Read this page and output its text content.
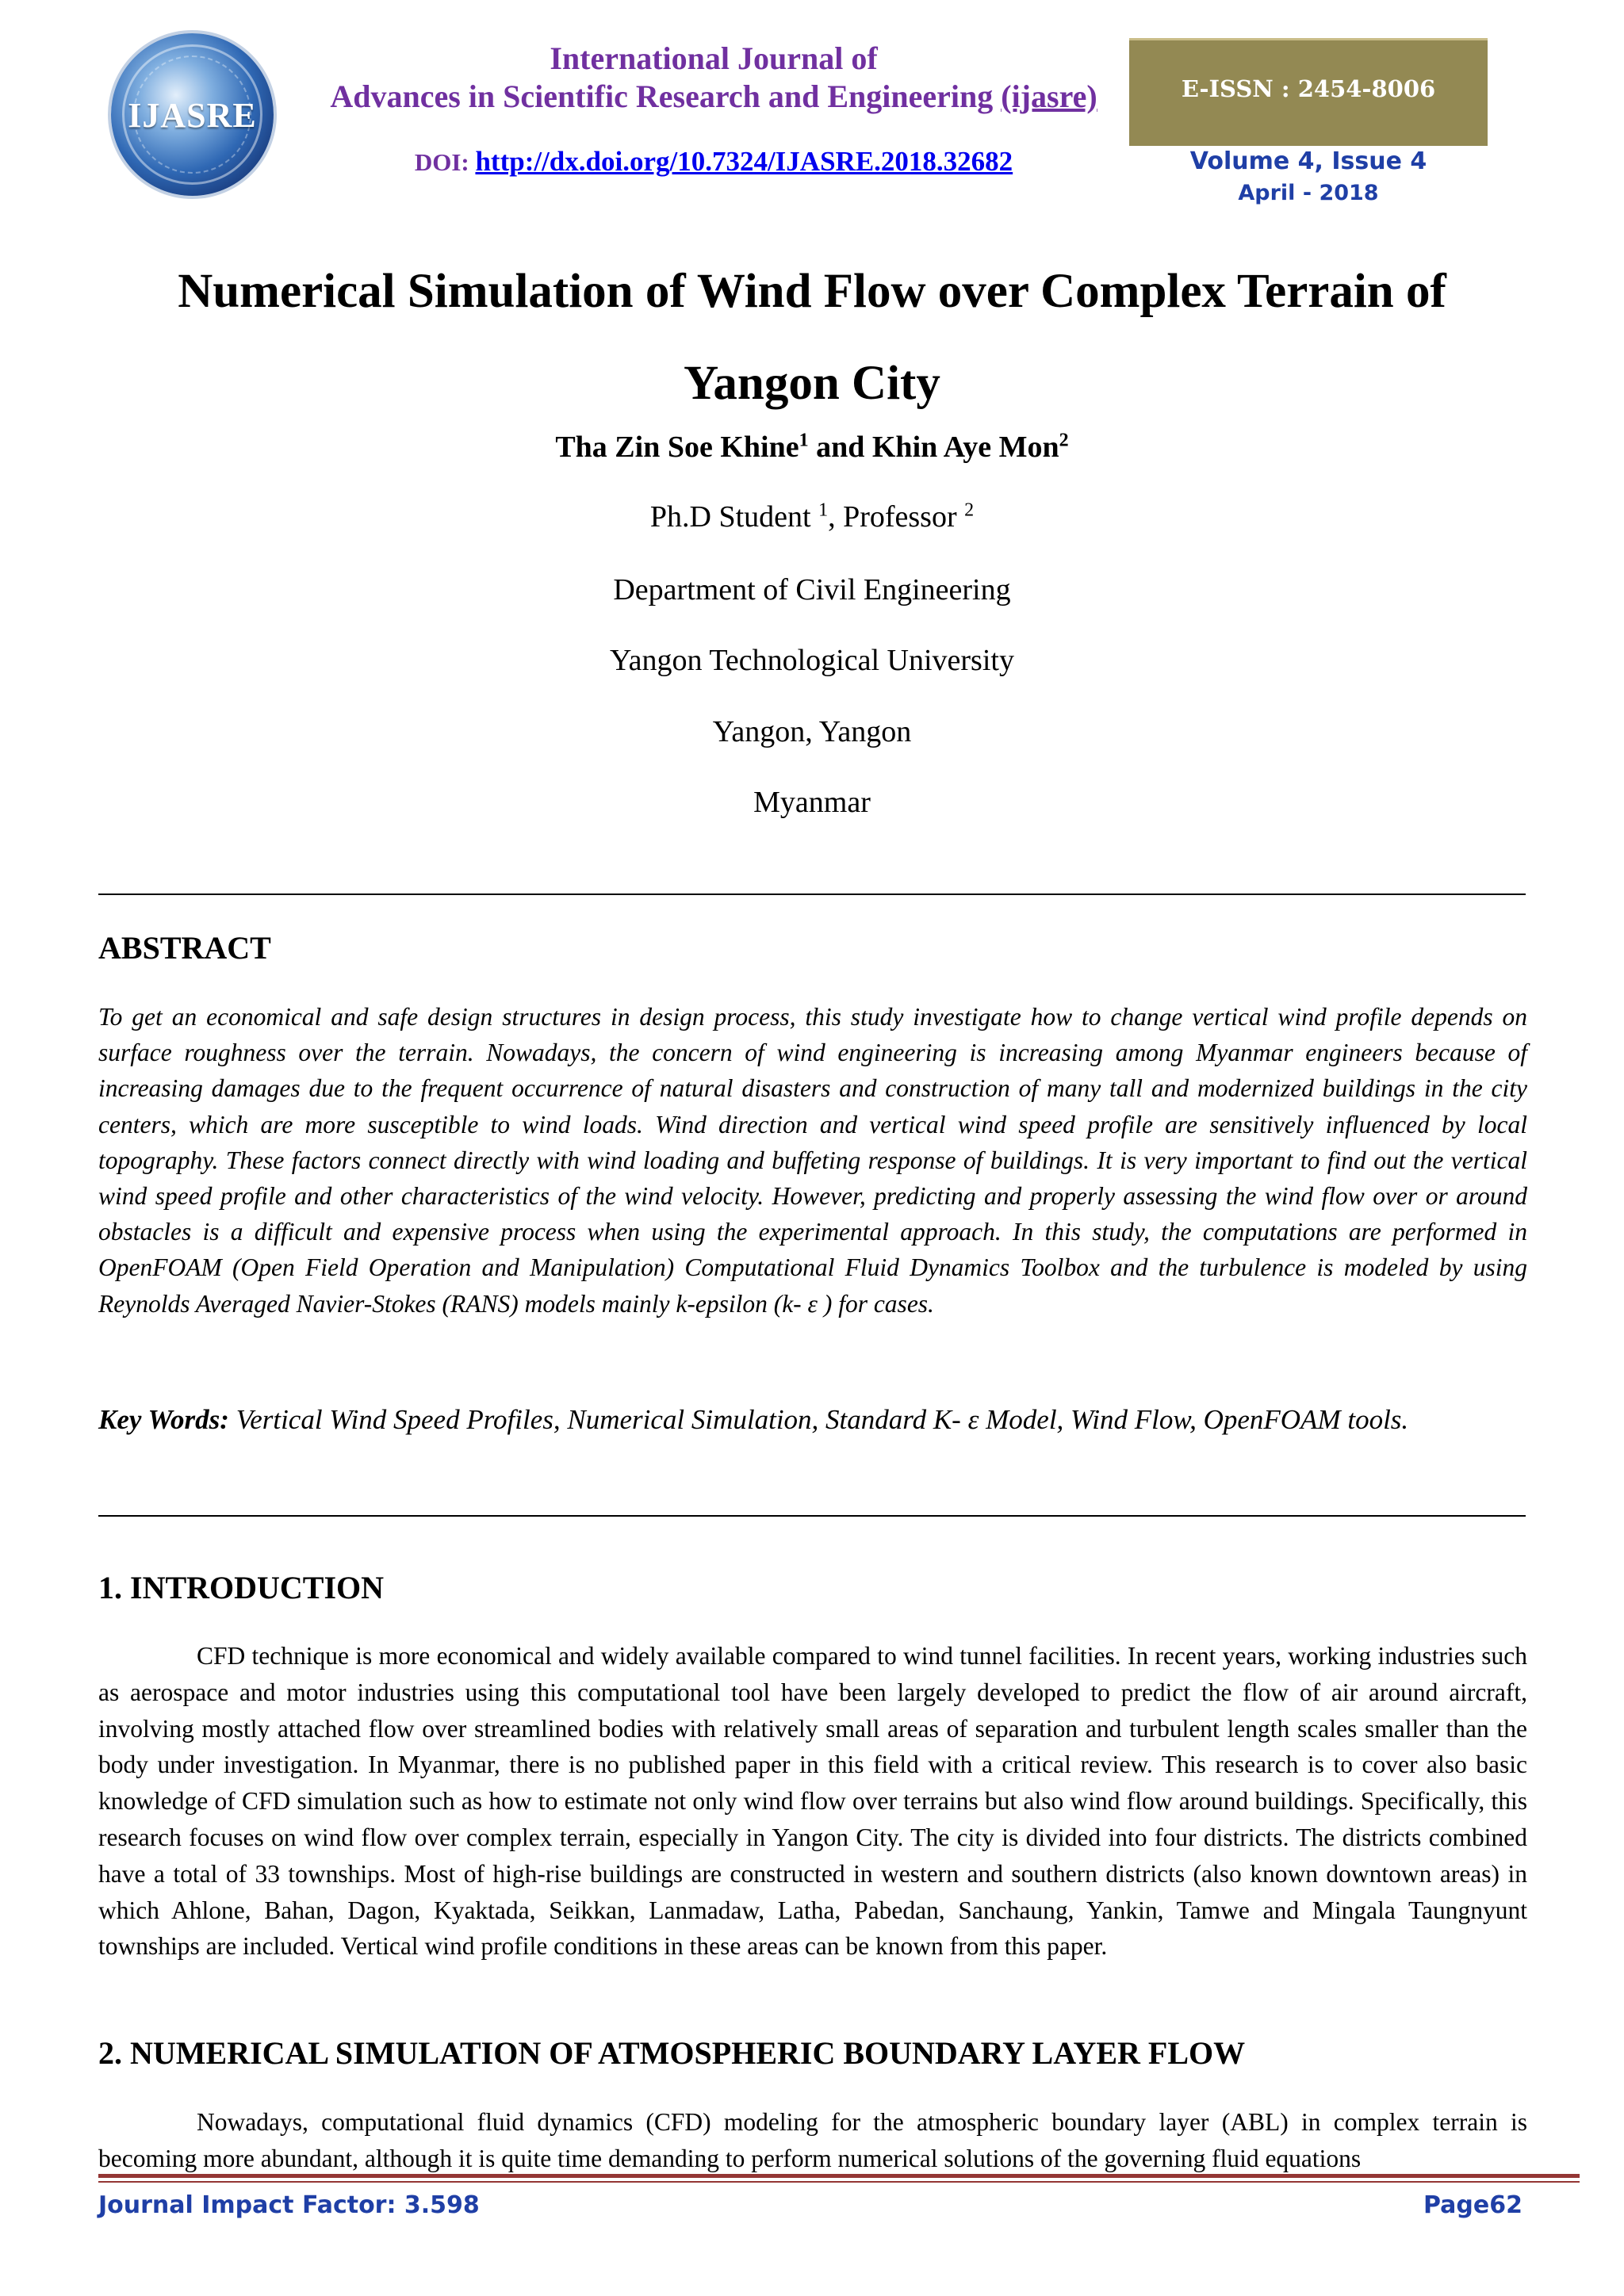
IJASRE
International Journal of
Advances in Scientific Research and Engineering (ijasre)
DOI: http://dx.doi.org/10.7324/IJASRE.2018.32682
E-ISSN : 2454-8006
Volume 4, Issue 4
April - 2018
Numerical Simulation of Wind Flow over Complex Terrain of Yangon City
Tha Zin Soe Khine$^1$ and Khin Aye Mon$^2$
Ph.D Student $^1$, Professor $^2$
Department of Civil Engineering
Yangon Technological University
Yangon, Yangon
Myanmar
ABSTRACT
To get an economical and safe design structures in design process, this study investigate how to change vertical wind profile depends on surface roughness over the terrain. Nowadays, the concern of wind engineering is increasing among Myanmar engineers because of increasing damages due to the frequent occurrence of natural disasters and construction of many tall and modernized buildings in the city centers, which are more susceptible to wind loads. Wind direction and vertical wind speed profile are sensitively influenced by local topography. These factors connect directly with wind loading and buffeting response of buildings. It is very important to find out the vertical wind speed profile and other characteristics of the wind velocity. However, predicting and properly assessing the wind flow over or around obstacles is a difficult and expensive process when using the experimental approach. In this study, the computations are performed in OpenFOAM (Open Field Operation and Manipulation) Computational Fluid Dynamics Toolbox and the turbulence is modeled by using Reynolds Averaged Navier-Stokes (RANS) models mainly k-epsilon (k- ε ) for cases.
Key Words: Vertical Wind Speed Profiles, Numerical Simulation, Standard K- ε Model, Wind Flow, OpenFOAM tools.
1. INTRODUCTION
CFD technique is more economical and widely available compared to wind tunnel facilities. In recent years, working industries such as aerospace and motor industries using this computational tool have been largely developed to predict the flow of air around aircraft, involving mostly attached flow over streamlined bodies with relatively small areas of separation and turbulent length scales smaller than the body under investigation. In Myanmar, there is no published paper in this field with a critical review. This research is to cover also basic knowledge of CFD simulation such as how to estimate not only wind flow over terrains but also wind flow around buildings. Specifically, this research focuses on wind flow over complex terrain, especially in Yangon City. The city is divided into four districts. The districts combined have a total of 33 townships. Most of high-rise buildings are constructed in western and southern districts (also known downtown areas) in which Ahlone, Bahan, Dagon, Kyaktada, Seikkan, Lanmadaw, Latha, Pabedan, Sanchaung, Yankin, Tamwe and Mingala Taungnyunt townships are included. Vertical wind profile conditions in these areas can be known from this paper.
2. NUMERICAL SIMULATION OF ATMOSPHERIC BOUNDARY LAYER FLOW
Nowadays, computational fluid dynamics (CFD) modeling for the atmospheric boundary layer (ABL) in complex terrain is becoming more abundant, although it is quite time demanding to perform numerical solutions of the governing fluid equations
Journal Impact Factor: 3.598	Page62
